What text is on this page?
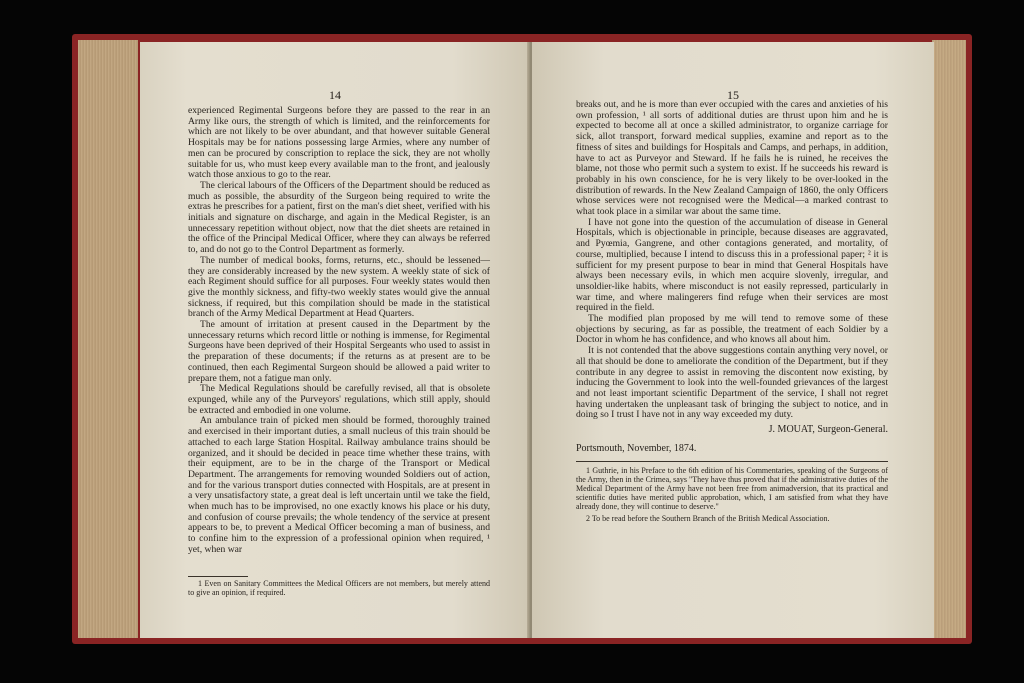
14

experienced Regimental Surgeons before they are passed to the rear in an Army like ours, the strength of which is limited, and the reinforcements for which are not likely to be over abundant, and that however suitable General Hospitals may be for nations possessing large Armies, where any number of men can be procured by conscription to replace the sick, they are not wholly suitable for us, who must keep every available man to the front, and jealously watch those anxious to go to the rear.

The clerical labours of the Officers of the Department should be reduced as much as possible, the absurdity of the Surgeon being required to write the extras he prescribes for a patient, first on the man's diet sheet, verified with his initials and signature on discharge, and again in the Medical Register, is an unnecessary repetition without object, now that the diet sheets are retained in the office of the Principal Medical Officer, where they can always be referred to, and do not go to the Control Department as formerly.

The number of medical books, forms, returns, etc., should be lessened—they are considerably increased by the new system. A weekly state of sick of each Regiment should suffice for all purposes. Four weekly states would then give the monthly sickness, and fifty-two weekly states would give the annual sickness, if required, but this compilation should be made in the statistical branch of the Army Medical Department at Head Quarters.

The amount of irritation at present caused in the Department by the unnecessary returns which record little or nothing is immense, for Regimental Surgeons have been deprived of their Hospital Sergeants who used to assist in the preparation of these documents; if the returns as at present are to be continued, then each Regimental Surgeon should be allowed a paid writer to prepare them, not a fatigue man only.

The Medical Regulations should be carefully revised, all that is obsolete expunged, while any of the Purveyors' regulations, which still apply, should be extracted and embodied in one volume.

An ambulance train of picked men should be formed, thoroughly trained and exercised in their important duties, a small nucleus of this train should be attached to each large Station Hospital. Railway ambulance trains should be organized, and it should be decided in peace time whether these trains, with their equipment, are to be in the charge of the Transport or Medical Department. The arrangements for removing wounded Soldiers out of action, and for the various transport duties connected with Hospitals, are at present in a very unsatisfactory state, a great deal is left uncertain until we take the field, when much has to be improvised, no one exactly knows his place or his duty, and confusion of course prevails; the whole tendency of the service at present appears to be, to prevent a Medical Officer becoming a man of business, and to confine him to the expression of a professional opinion when required, ¹ yet, when war

1 Even on Sanitary Committees the Medical Officers are not members, but merely attend to give an opinion, if required.

15

breaks out, and he is more than ever occupied with the cares and anxieties of his own profession, ¹ all sorts of additional duties are thrust upon him and he is expected to become all at once a skilled administrator, to organize carriage for sick, allot transport, forward medical supplies, examine and report as to the fitness of sites and buildings for Hospitals and Camps, and perhaps, in addition, have to act as Purveyor and Steward. If he fails he is ruined, he receives the blame, not those who permit such a system to exist. If he succeeds his reward is probably in his own conscience, for he is very likely to be over-looked in the distribution of rewards. In the New Zealand Campaign of 1860, the only Officers whose services were not recognised were the Medical—a marked contrast to what took place in a similar war about the same time.

I have not gone into the question of the accumulation of disease in General Hospitals, which is objectionable in principle, because diseases are aggravated, and Pyœmia, Gangrene, and other contagions generated, and mortality, of course, multiplied, because I intend to discuss this in a professional paper; ² it is sufficient for my present purpose to bear in mind that General Hospitals have always been necessary evils, in which men acquire slovenly, irregular, and unsoldier-like habits, where misconduct is not easily repressed, particularly in war time, and where malingerers find refuge when their services are most required in the field.

The modified plan proposed by me will tend to remove some of these objections by securing, as far as possible, the treatment of each Soldier by a Doctor in whom he has confidence, and who knows all about him.

It is not contended that the above suggestions contain anything very novel, or all that should be done to ameliorate the condition of the Department, but if they contribute in any degree to assist in removing the discontent now existing, by inducing the Government to look into the well-founded grievances of the largest and not least important scientific Department of the service, I shall not regret having undertaken the unpleasant task of bringing the subject to notice, and in doing so I trust I have not in any way exceeded my duty.

J. MOUAT, Surgeon-General.
Portsmouth, November, 1874.

1 Guthrie, in his Preface to the 6th edition of his Commentaries, speaking of the Surgeons of the Army, then in the Crimea, says "They have thus proved that if the administrative duties of the Medical Department of the Army have not been free from animadversion, that its practical and scientific duties have merited public approbation, which, I am satisfied from what they have already done, they will continue to deserve."

2 To be read before the Southern Branch of the British Medical Association.
